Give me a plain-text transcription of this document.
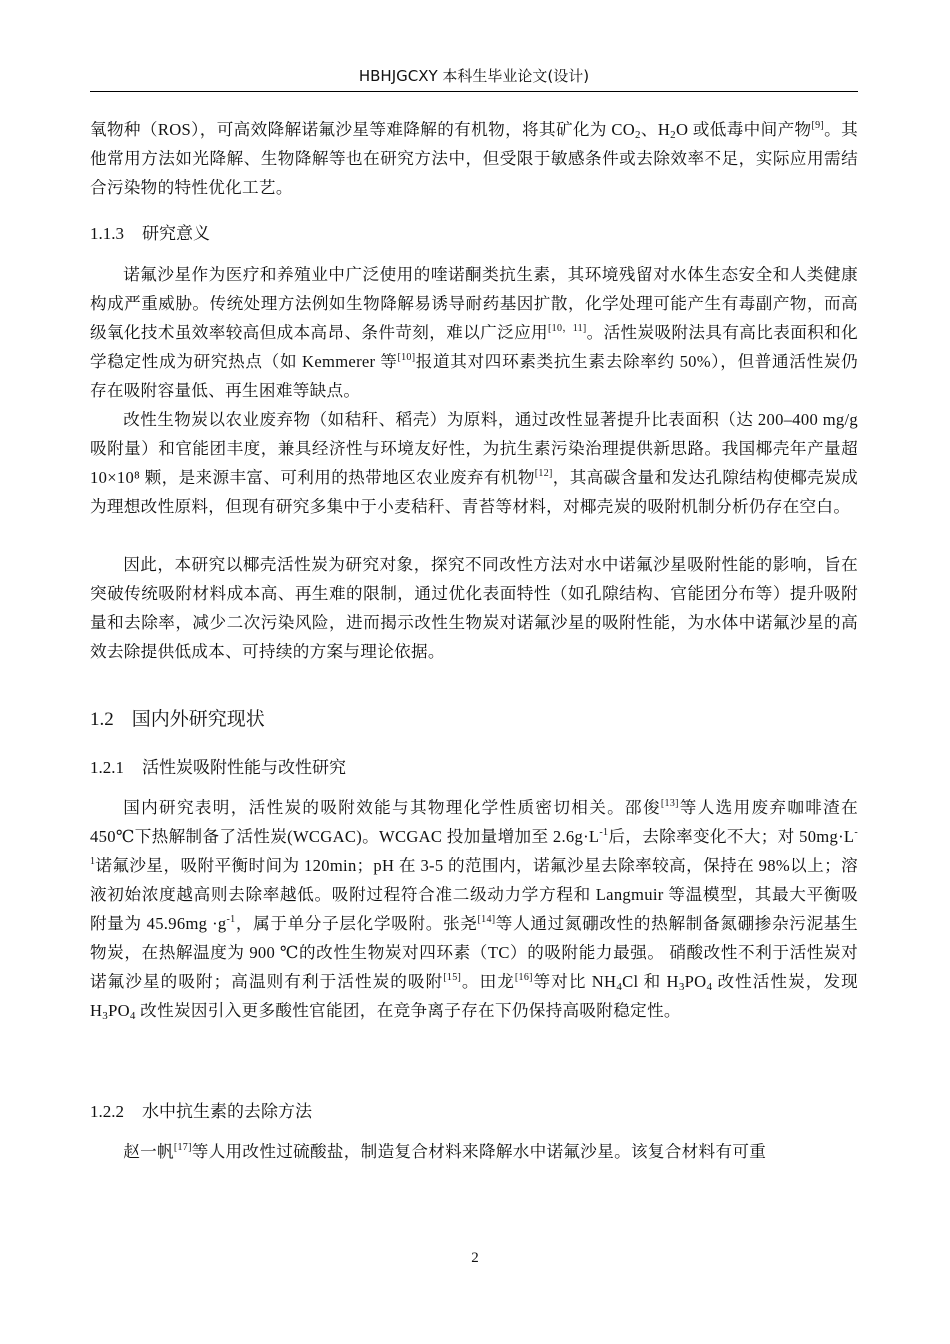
HBHJGCXY 本科生毕业论文(设计)

氧物种（ROS），可高效降解诺氟沙星等难降解的有机物，将其矿化为 $CO_2$、$H_2O$ 或低毒中间产物[9]。其他常用方法如光降解、生物降解等也在研究方法中，但受限于敏感条件或去除效率不足，实际应用需结合污染物的特性优化工艺。

1.1.3 研究意义

诺氟沙星作为医疗和养殖业中广泛使用的喹诺酮类抗生素，其环境残留对水体生态安全和人类健康构成严重威胁。传统处理方法例如生物降解易诱导耐药基因扩散，化学处理可能产生有毒副产物，而高级氧化技术虽效率较高但成本高昂、条件苛刻，难以广泛应用[10，11]。活性炭吸附法具有高比表面积和化学稳定性成为研究热点（如 Kemmerer 等[10]报道其对四环素类抗生素去除率约 50%），但普通活性炭仍存在吸附容量低、再生困难等缺点。

改性生物炭以农业废弃物（如秸秆、稻壳）为原料，通过改性显著提升比表面积（达 200–400 mg/g 吸附量）和官能团丰度，兼具经济性与环境友好性，为抗生素污染治理提供新思路。我国椰壳年产量超 10×10⁸ 颗，是来源丰富、可利用的热带地区农业废弃有机物[12]，其高碳含量和发达孔隙结构使椰壳炭成为理想改性原料，但现有研究多集中于小麦秸秆、青苔等材料，对椰壳炭的吸附机制分析仍存在空白。

因此，本研究以椰壳活性炭为研究对象，探究不同改性方法对水中诺氟沙星吸附性能的影响，旨在突破传统吸附材料成本高、再生难的限制，通过优化表面特性（如孔隙结构、官能团分布等）提升吸附量和去除率，减少二次污染风险，进而揭示改性生物炭对诺氟沙星的吸附性能，为水体中诺氟沙星的高效去除提供低成本、可持续的方案与理论依据。

1.2 国内外研究现状
1.2.1 活性炭吸附性能与改性研究

国内研究表明，活性炭的吸附效能与其物理化学性质密切相关。邵俊[13]等人选用废弃咖啡渣在 450℃下热解制备了活性炭(WCGAC)。WCGAC 投加量增加至 $2.6g\cdot L^{-1}$后，去除率变化不大；对 $50mg\cdot L^{-1}$诺氟沙星，吸附平衡时间为 120min；pH 在 3-5 的范围内，诺氟沙星去除率较高，保持在 98%以上；溶液初始浓度越高则去除率越低。吸附过程符合准二级动力学方程和 Langmuir 等温模型，其最大平衡吸附量为 $45.96mg \cdot g^{-1}$，属于单分子层化学吸附。张尧[14]等人通过氮硼改性的热解制备氮硼掺杂污泥基生物炭，在热解温度为 900 ℃的改性生物炭对四环素（TC）的吸附能力最强。 硝酸改性不利于活性炭对诺氟沙星的吸附；高温则有利于活性炭的吸附[15]。田龙[16]等对比 $NH_4Cl$ 和 $H_3PO_4$ 改性活性炭，发现 $H_3PO_4$ 改性炭因引入更多酸性官能团，在竞争离子存在下仍保持高吸附稳定性。

1.2.2 水中抗生素的去除方法

赵一帆[17]等人用改性过硫酸盐，制造复合材料来降解水中诺氟沙星。该复合材料有可重

2
